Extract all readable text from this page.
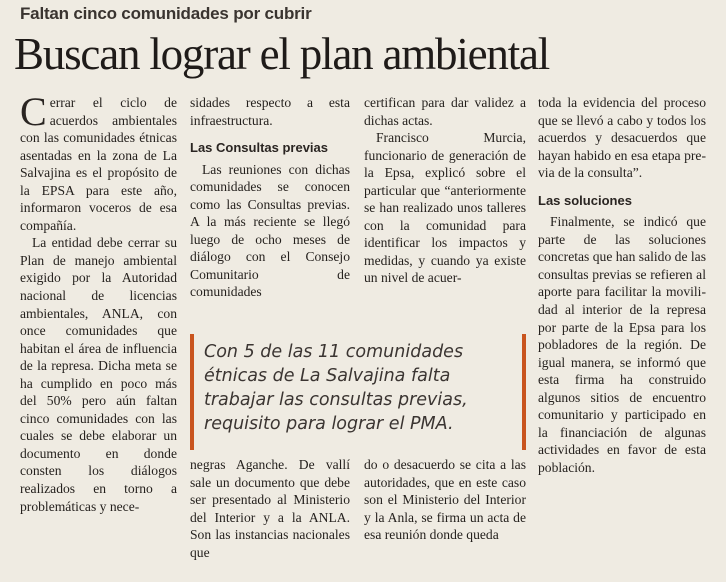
Faltan cinco comunidades por cubrir
Buscan lograr el plan ambiental

Cerrar el ciclo de acuerdos ambientales con las comunidades étnicas asentadas en la zona de La Salvajina es el propósito de la EPSA para este año, informaron voceros de esa compañía.

La entidad debe cerrar su Plan de manejo ambiental exigido por la Autoridad nacional de licencias ambientales, ANLA, con once comunidades que habitan el área de influencia de la represa. Dicha meta se ha cumplido en poco más del 50% pero aún faltan cinco comunidades con las cuales se debe elaborar un documento en donde consten los diálogos realizados en torno a problemáticas y nece-

sidades respecto a esta infraestructura.

Las Consultas previas

Las reuniones con dichas comunidades se conocen como las Consultas previas. A la más reciente se llegó luego de ocho meses de diálogo con el Consejo Comunitario de comunidades

certifican para dar validez a dichas actas.

Francisco Murcia, funcionario de generación de la Epsa, explicó sobre el particular que “anteriormente se han realizado unos talleres con la comunidad para identificar los impactos y medidas, y cuando ya existe un nivel de acuer-

Con 5 de las 11 comunidades étnicas de La Salvajina falta trabajar las consultas previas, requisito para lograr el PMA.

negras Aganche. De vallí sale un documento que debe ser presentado al Ministerio del Interior y a la ANLA. Son las instancias nacionales que

do o desacuerdo se cita a las autoridades, que en este caso son el Ministerio del Interior y la Anla, se firma un acta de esa reunión donde queda

toda la evidencia del proceso que se llevó a cabo y todos los acuerdos y desacuerdos que hayan habido en esa etapa previa de la consulta”.

Las soluciones

Finalmente, se indicó que parte de las soluciones concretas que han salido de las consultas previas se refieren al aporte para facilitar la movilidad al interior de la represa por parte de la Epsa para los pobladores de la región. De igual manera, se informó que esta firma ha construido algunos sitios de encuentro comunitario y participado en la financiación de algunas actividades en favor de esta población.
